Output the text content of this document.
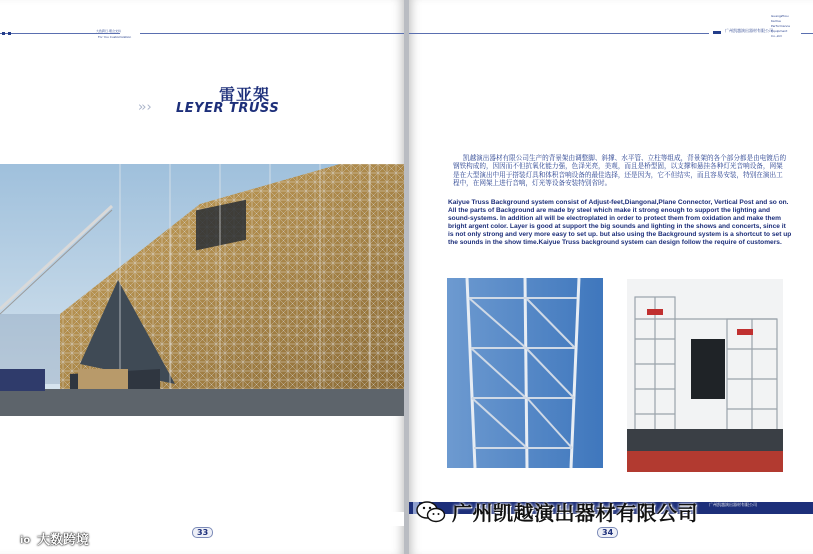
大致跨行·理念支持
For You Customization
雷亚架
›› › LEYER TRUSS
33
广州凯越演出器材有限公司
GuangZhou
KaiYue
Performance
Equipment
Co.,Ltd
凯越演出器材有限公司生产的背景架由调整脚、斜撑、水平管、立柱等组成，背景架的各个部分都是由电镀后的钢铁构成的，因因而不但抗氧化能力强，色泽光亮，美观，而且是桥型固，以支撑和悬挂各种灯光音响设备，网架是在大型演出中用于搭装灯具和体积音响设备的最佳选择，还是因为，它不但结实，而且容易安装，特别在演出工程中，在网架上进行音响，灯光等设备安装特别省时。
Kaiyue Truss Background system consist of Adjust-feet,Diangonal,Plane Connector, Vertical Post and so on. All the parts of Background are made by steel which make it strong enough to support the lighting and sound-systems. In addition all will be electroplated in order to protect them from oxidation and make them bright argent color. Layer is good at support the big sounds and lighting in the shows and concerts, since it is not only strong and very more easy to set up. but also using the Background system is a shortcut to set up the sounds in the show time.Kaiyue Truss background system can design follow the require of customers.
广州凯越演出器材有限公司
34
io 大数跨境
广州凯越演出器材有限公司
